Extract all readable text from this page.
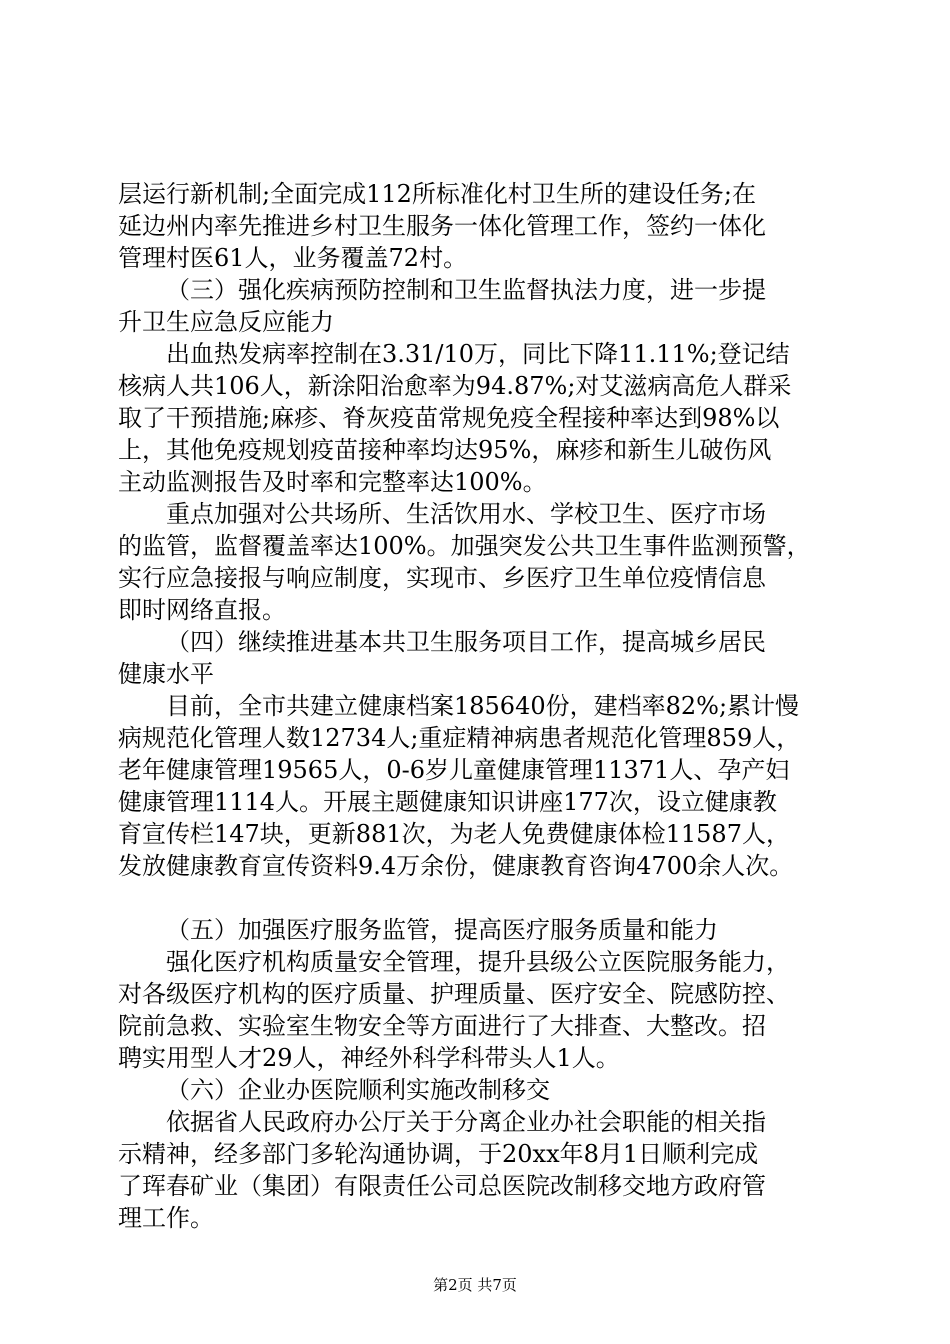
层运行新机制;全面完成112所标准化村卫生所的建设任务;在
延边州内率先推进乡村卫生服务一体化管理工作，签约一体化
管理村医61人，业务覆盖72村。
（三）强化疾病预防控制和卫生监督执法力度，进一步提
升卫生应急反应能力
出血热发病率控制在3.31/10万，同比下降11.11%;登记结
核病人共106人，新涂阳治愈率为94.87%;对艾滋病高危人群采
取了干预措施;麻疹、脊灰疫苗常规免疫全程接种率达到98%以
上，其他免疫规划疫苗接种率均达95%，麻疹和新生儿破伤风
主动监测报告及时率和完整率达100%。
重点加强对公共场所、生活饮用水、学校卫生、医疗市场
的监管，监督覆盖率达100%。加强突发公共卫生事件监测预警，
实行应急接报与响应制度，实现市、乡医疗卫生单位疫情信息
即时网络直报。
（四）继续推进基本共卫生服务项目工作，提高城乡居民
健康水平
目前，全市共建立健康档案185640份，建档率82%;累计慢
病规范化管理人数12734人;重症精神病患者规范化管理859人，
老年健康管理19565人，0-6岁儿童健康管理11371人、孕产妇
健康管理1114人。开展主题健康知识讲座177次，设立健康教
育宣传栏147块，更新881次，为老人免费健康体检11587人，
发放健康教育宣传资料9.4万余份，健康教育咨询4700余人次。
（五）加强医疗服务监管，提高医疗服务质量和能力
强化医疗机构质量安全管理，提升县级公立医院服务能力，
对各级医疗机构的医疗质量、护理质量、医疗安全、院感防控、
院前急救、实验室生物安全等方面进行了大排查、大整改。招
聘实用型人才29人，神经外科学科带头人1人。
（六）企业办医院顺利实施改制移交
依据省人民政府办公厅关于分离企业办社会职能的相关指
示精神，经多部门多轮沟通协调，于20xx年8月1日顺利完成
了珲春矿业（集团）有限责任公司总医院改制移交地方政府管
理工作。
第2页 共7页
